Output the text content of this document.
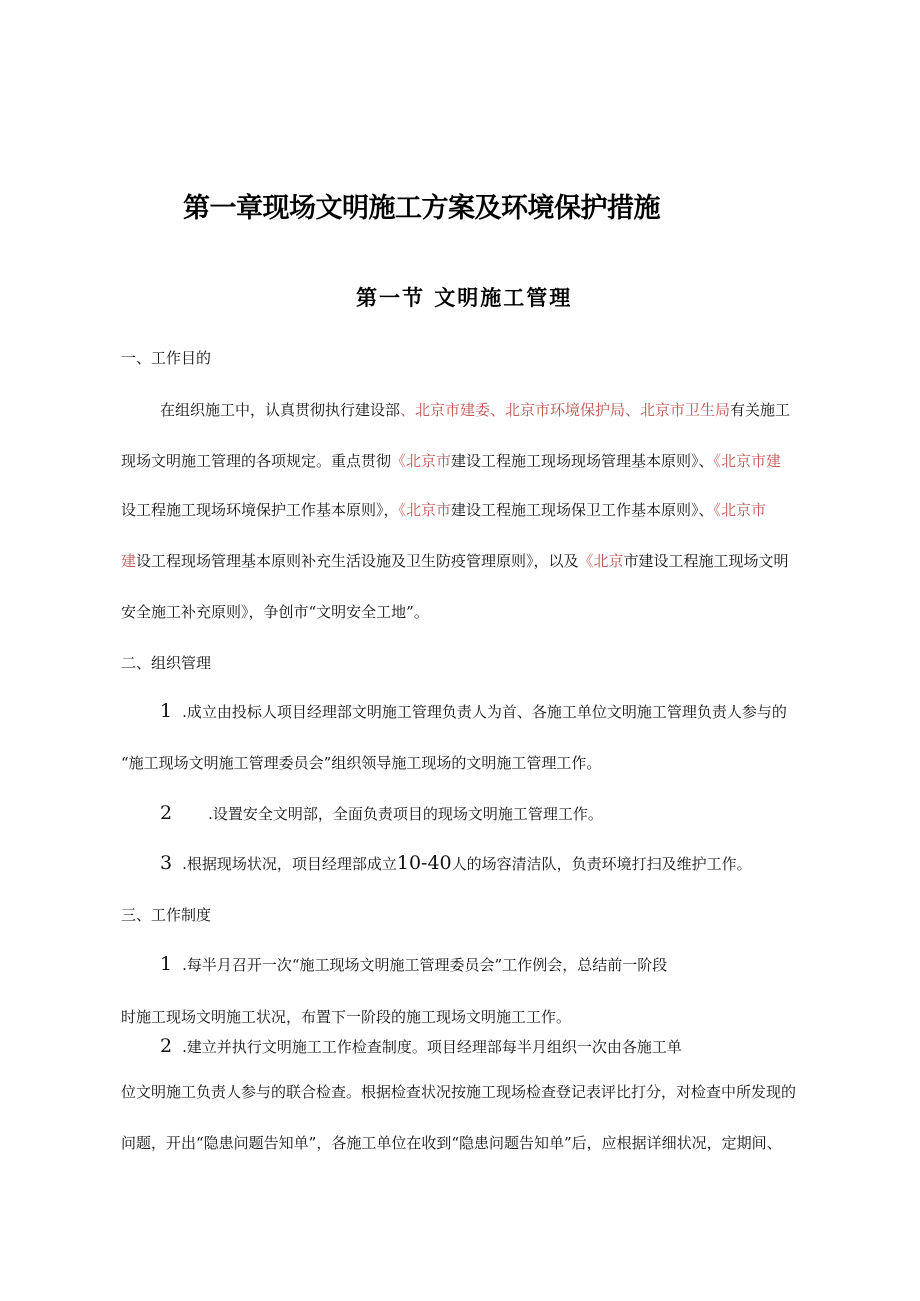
第一章现场文明施工方案及环境保护措施
第一节 文明施工管理
一、工作目的
在组织施工中，认真贯彻执行建设部、北京市建委、北京市环境保护局、北京市卫生局有关施工
现场文明施工管理的各项规定。重点贯彻《北京市建设工程施工现场现场管理基本原则》、《北京市建
设工程施工现场环境保护工作基本原则》，《北京市建设工程施工现场保卫工作基本原则》、《北京市
建设工程现场管理基本原则补充生活设施及卫生防疫管理原则》，以及《北京市建设工程施工现场文明
安全施工补充原则》，争创市“文明安全工地”。
二、组织管理
1 .成立由投标人项目经理部文明施工管理负责人为首、各施工单位文明施工管理负责人参与的
“施工现场文明施工管理委员会”组织领导施工现场的文明施工管理工作。
2 .设置安全文明部，全面负责项目的现场文明施工管理工作。
3 .根据现场状况，项目经理部成立10-40人的场容清洁队，负责环境打扫及维护工作。
三、工作制度
1 .每半月召开一次“施工现场文明施工管理委员会”工作例会，总结前一阶段
时施工现场文明施工状况，布置下一阶段的施工现场文明施工工作。
2 .建立并执行文明施工工作检查制度。项目经理部每半月组织一次由各施工单
位文明施工负责人参与的联合检查。根据检查状况按施工现场检查登记表评比打分，对检查中所发现的
问题，开出“隐患问题告知单”，各施工单位在收到“隐患问题告知单”后，应根据详细状况，定期间、
